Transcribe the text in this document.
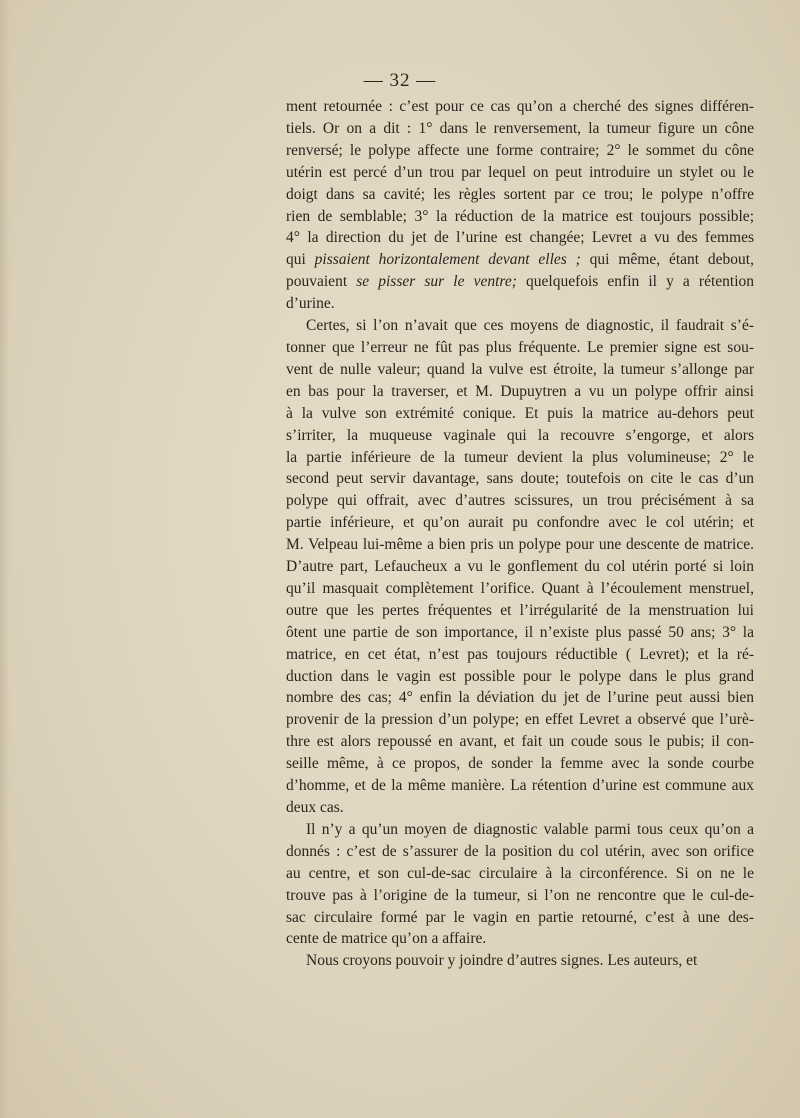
— 32 —
ment retournée : c’est pour ce cas qu’on a cherché des signes différen-
tiels. Or on a dit : 1° dans le renversement, la tumeur figure un cône
renversé; le polype affecte une forme contraire; 2° le sommet du cône
utérin est percé d’un trou par lequel on peut introduire un stylet ou le
doigt dans sa cavité; les règles sortent par ce trou; le polype n’offre
rien de semblable; 3° la réduction de la matrice est toujours possible;
4° la direction du jet de l’urine est changée; Levret a vu des femmes
qui pissaient horizontalement devant elles ; qui même, étant debout,
pouvaient se pisser sur le ventre; quelquefois enfin il y a rétention
d’urine.
Certes, si l’on n’avait que ces moyens de diagnostic, il faudrait s’é-
tonner que l’erreur ne fût pas plus fréquente. Le premier signe est sou-
vent de nulle valeur; quand la vulve est étroite, la tumeur s’allonge par
en bas pour la traverser, et M. Dupuytren a vu un polype offrir ainsi
à la vulve son extrémité conique. Et puis la matrice au-dehors peut
s’irriter, la muqueuse vaginale qui la recouvre s’engorge, et alors
la partie inférieure de la tumeur devient la plus volumineuse; 2° le
second peut servir davantage, sans doute; toutefois on cite le cas d’un
polype qui offrait, avec d’autres scissures, un trou précisément à sa
partie inférieure, et qu’on aurait pu confondre avec le col utérin; et
M. Velpeau lui-même a bien pris un polype pour une descente de matrice.
D’autre part, Lefaucheux a vu le gonflement du col utérin porté si loin
qu’il masquait complètement l’orifice. Quant à l’écoulement menstruel,
outre que les pertes fréquentes et l’irrégularité de la menstruation lui
ôtent une partie de son importance, il n’existe plus passé 50 ans; 3° la
matrice, en cet état, n’est pas toujours réductible ( Levret); et la ré-
duction dans le vagin est possible pour le polype dans le plus grand
nombre des cas; 4° enfin la déviation du jet de l’urine peut aussi bien
provenir de la pression d’un polype; en effet Levret a observé que l’urè-
thre est alors repoussé en avant, et fait un coude sous le pubis; il con-
seille même, à ce propos, de sonder la femme avec la sonde courbe
d’homme, et de la même manière. La rétention d’urine est commune aux
deux cas.
Il n’y a qu’un moyen de diagnostic valable parmi tous ceux qu’on a
donnés : c’est de s’assurer de la position du col utérin, avec son orifice
au centre, et son cul-de-sac circulaire à la circonférence. Si on ne le
trouve pas à l’origine de la tumeur, si l’on ne rencontre que le cul-de-
sac circulaire formé par le vagin en partie retourné, c’est à une des-
cente de matrice qu’on a affaire.
Nous croyons pouvoir y joindre d’autres signes. Les auteurs, et
